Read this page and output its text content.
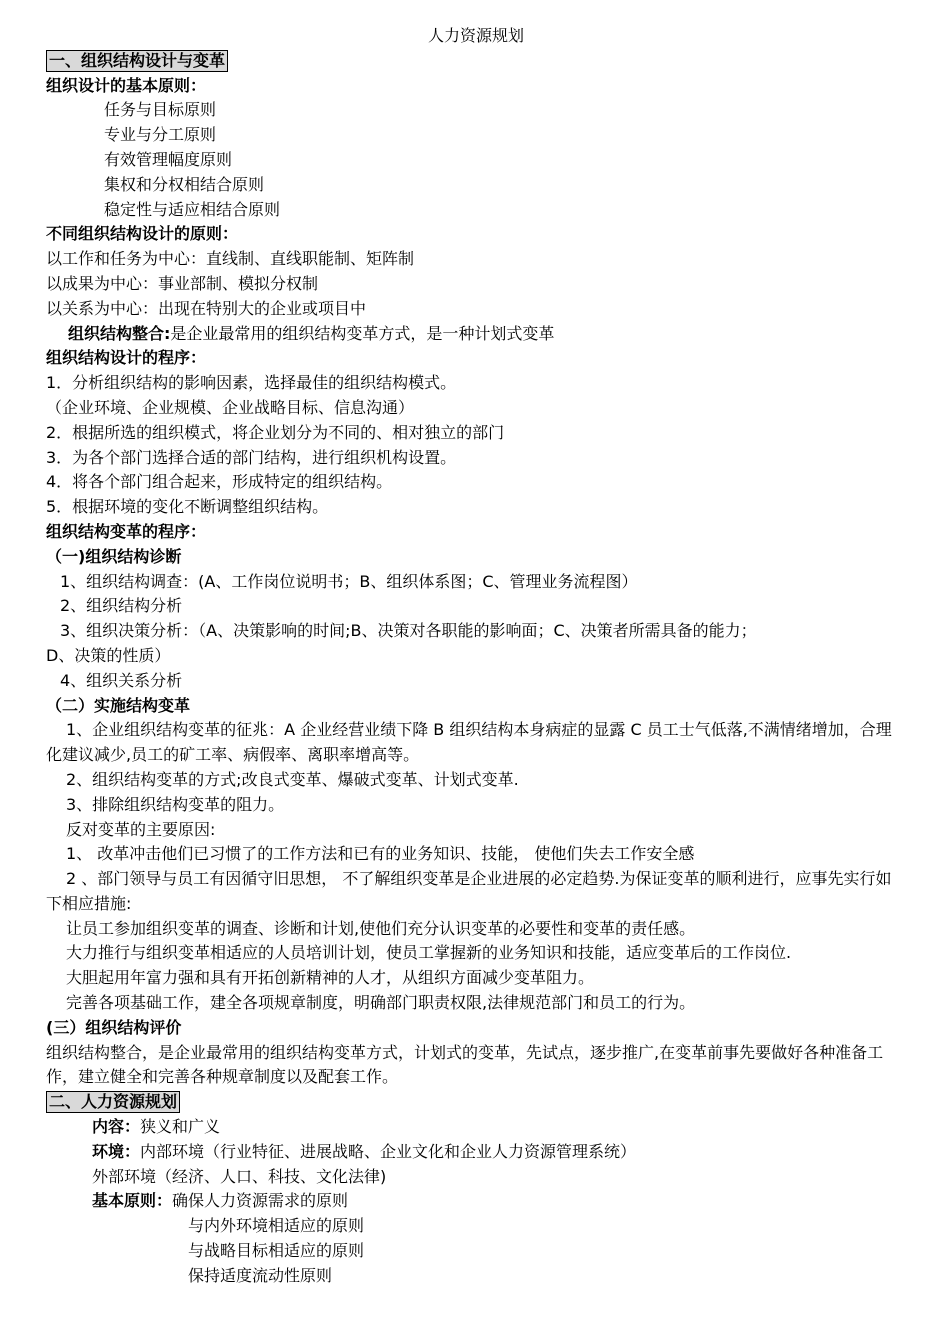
人力资源规划

一、组织结构设计与变革

组织设计的基本原则：

任务与目标原则

专业与分工原则

有效管理幅度原则

集权和分权相结合原则

稳定性与适应相结合原则

不同组织结构设计的原则：

以工作和任务为中心：直线制、直线职能制、矩阵制

以成果为中心：事业部制、模拟分权制

以关系为中心：出现在特别大的企业或项目中

组织结构整合:是企业最常用的组织结构变革方式，是一种计划式变革

组织结构设计的程序：

1．分析组织结构的影响因素，选择最佳的组织结构模式。

（企业环境、企业规模、企业战略目标、信息沟通）

2．根据所选的组织模式，将企业划分为不同的、相对独立的部门

3．为各个部门选择合适的部门结构，进行组织机构设置。

4．将各个部门组合起来，形成特定的组织结构。

5．根据环境的变化不断调整组织结构。

组织结构变革的程序：

（一)组织结构诊断

1、组织结构调查：(A、工作岗位说明书；B、组织体系图；C、管理业务流程图）

2、组织结构分析

3、组织决策分析：（A、决策影响的时间;B、决策对各职能的影响面；C、决策者所需具备的能力；

D、决策的性质）

4、组织关系分析

（二）实施结构变革

1、企业组织结构变革的征兆：A 企业经营业绩下降 B 组织结构本身病症的显露 C 员工士气低落,不满情绪增加，合理化建议减少,员工的矿工率、病假率、离职率增高等。

2、组织结构变革的方式;改良式变革、爆破式变革、计划式变革.

3、排除组织结构变革的阻力。

反对变革的主要原因:

1、 改革冲击他们已习惯了的工作方法和已有的业务知识、技能， 使他们失去工作安全感

2 、部门领导与员工有因循守旧思想， 不了解组织变革是企业进展的必定趋势.为保证变革的顺利进行，应事先实行如下相应措施:

让员工参加组织变革的调查、诊断和计划,使他们充分认识变革的必要性和变革的责任感。

大力推行与组织变革相适应的人员培训计划，使员工掌握新的业务知识和技能，适应变革后的工作岗位.

大胆起用年富力强和具有开拓创新精神的人才，从组织方面减少变革阻力。

完善各项基础工作，建全各项规章制度，明确部门职责权限,法律规范部门和员工的行为。

(三）组织结构评价

组织结构整合，是企业最常用的组织结构变革方式，计划式的变革，先试点，逐步推广,在变革前事先要做好各种准备工作，建立健全和完善各种规章制度以及配套工作。

二、人力资源规划

内容：狭义和广义

环境：内部环境（行业特征、进展战略、企业文化和企业人力资源管理系统）

外部环境（经济、人口、科技、文化法律)

基本原则：确保人力资源需求的原则

与内外环境相适应的原则

与战略目标相适应的原则

保持适度流动性原则
